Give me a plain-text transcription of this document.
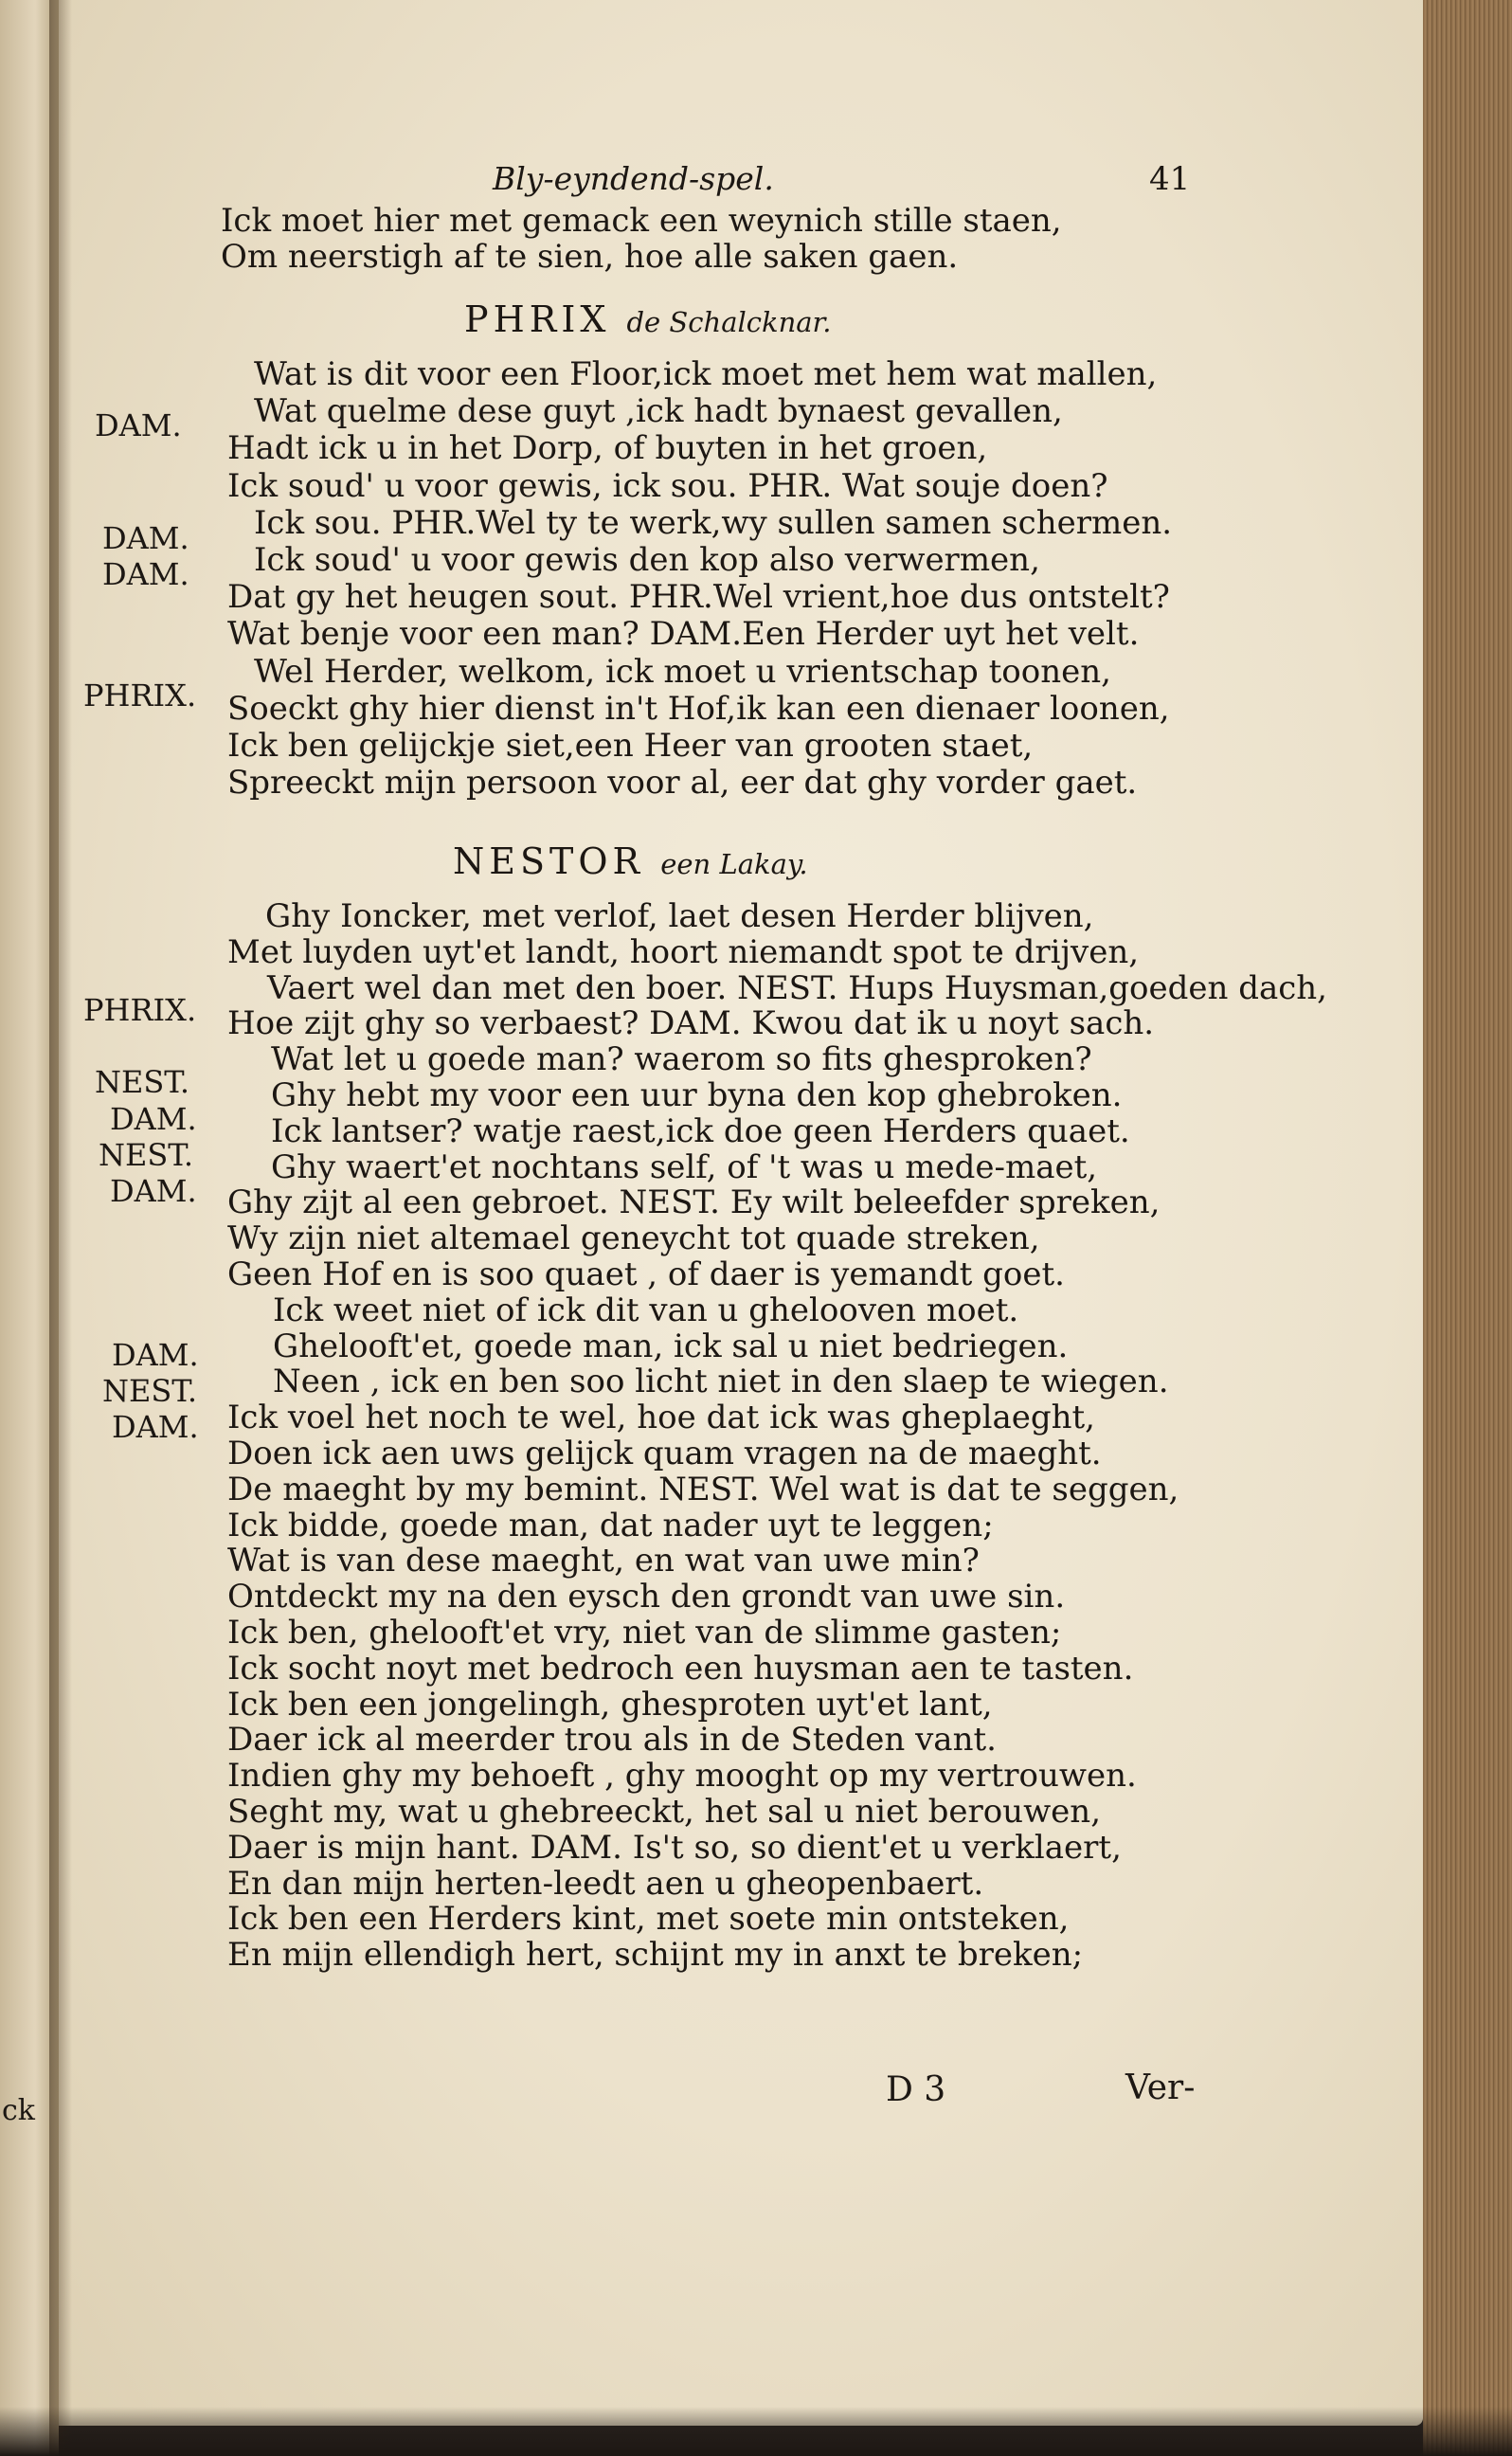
ck
Bly-eyndend-spel.	41
Ick moet hier met gemack een weynich stille staen,
Om neerstigh af te sien, hoe alle saken gaen.
PHRIX de Schalcknar.
Wat is dit voor een Floor,ick moet met hem wat mallen,
Wat quelme dese guyt ,ick hadt bynaest gevallen,
Hadt ick u in het Dorp, of buyten in het groen,
Ick soud' u voor gewis, ick sou. PHR. Wat souje doen?
Ick sou. PHR.Wel ty te werk,wy sullen samen schermen.
Ick soud' u voor gewis den kop also verwermen,
Dat gy het heugen sout. PHR.Wel vrient,hoe dus ontstelt?
Wat benje voor een man? DAM.Een Herder uyt het velt.
Wel Herder, welkom, ick moet u vrientschap toonen,
Soeckt ghy hier dienst in't Hof,ik kan een dienaer loonen,
Ick ben gelijckje siet,een Heer van grooten staet,
Spreeckt mijn persoon voor al, eer dat ghy vorder gaet.
NESTOR een Lakay.
Ghy Ioncker, met verlof, laet desen Herder blijven,
Met luyden uyt'et landt, hoort niemandt spot te drijven,
Vaert wel dan met den boer. NEST. Hups Huysman,goeden dach,
Hoe zijt ghy so verbaest? DAM. Kwou dat ik u noyt sach.
Wat let u goede man? waerom so fits ghesproken?
Ghy hebt my voor een uur byna den kop ghebroken.
Ick lantser? watje raest,ick doe geen Herders quaet.
Ghy waert'et nochtans self, of 't was u mede-maet,
Ghy zijt al een gebroet. NEST. Ey wilt beleefder spreken,
Wy zijn niet altemael geneycht tot quade streken,
Geen Hof en is soo quaet , of daer is yemandt goet.
Ick weet niet of ick dit van u ghelooven moet.
Ghelooft'et, goede man, ick sal u niet bedriegen.
Neen , ick en ben soo licht niet in den slaep te wiegen.
Ick voel het noch te wel, hoe dat ick was gheplaeght,
Doen ick aen uws gelijck quam vragen na de maeght.
De maeght by my bemint. NEST. Wel wat is dat te seggen,
Ick bidde, goede man, dat nader uyt te leggen;
Wat is van dese maeght, en wat van uwe min?
Ontdeckt my na den eysch den grondt van uwe sin.
Ick ben, ghelooft'et vry, niet van de slimme gasten;
Ick socht noyt met bedroch een huysman aen te tasten.
Ick ben een jongelingh, ghesproten uyt'et lant,
Daer ick al meerder trou als in de Steden vant.
Indien ghy my behoeft , ghy mooght op my vertrouwen.
Seght my, wat u ghebreeckt, het sal u niet berouwen,
Daer is mijn hant. DAM. Is't so, so dient'et u verklaert,
En dan mijn herten-leedt aen u gheopenbaert.
Ick ben een Herders kint, met soete min ontsteken,
En mijn ellendigh hert, schijnt my in anxt te breken;
DAM.
DAM.
DAM.
PHRIX.
PHRIX.
NEST.
DAM.
NEST.
DAM.
DAM.
NEST.
DAM.
D 3	Ver-
